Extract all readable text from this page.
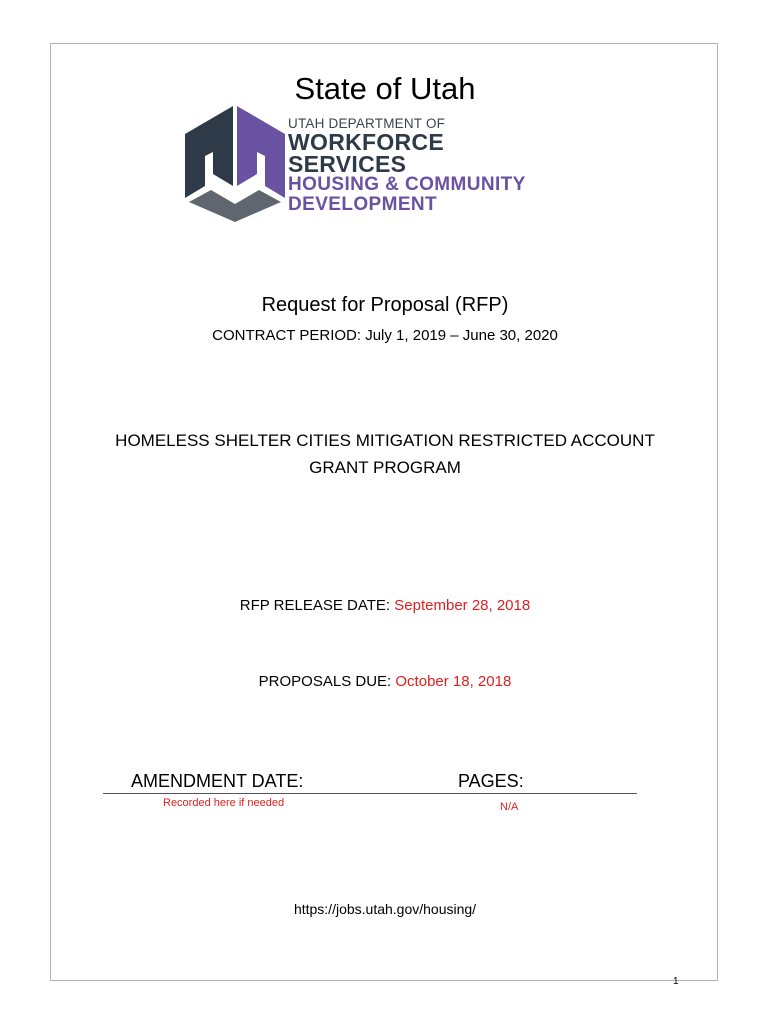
State of Utah
UTAH DEPARTMENT OF
WORKFORCE
SERVICES
HOUSING & COMMUNITY
DEVELOPMENT
Request for Proposal (RFP)
CONTRACT PERIOD: July 1, 2019 – June 30, 2020
HOMELESS SHELTER CITIES MITIGATION RESTRICTED ACCOUNT
GRANT PROGRAM
RFP RELEASE DATE: September 28, 2018
PROPOSALS DUE: October 18, 2018
AMENDMENT DATE:	PAGES:
Recorded here if needed	N/A
https://jobs.utah.gov/housing/
1
